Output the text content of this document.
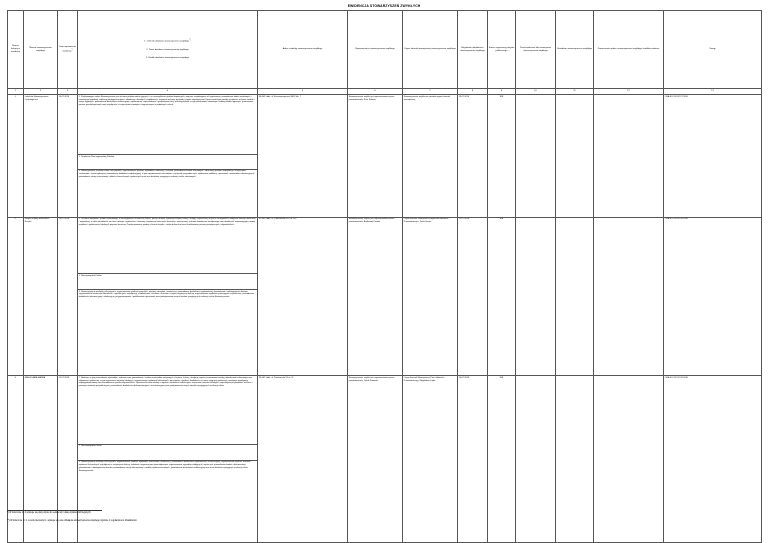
EWIDENCJA STOWARZYSZEŃ ZWYKŁYCH
Numer kolejny w ewidencji	Nazwa stowarzyszenia zwykłego	Data wpisania do ewidencji*)	1. Cel/cele działania stowarzyszenia zwykłego**)

2. Teren działania stowarzyszenia zwykłego

3. Środki działania stowarzyszenia zwykłego	Adres siedziby stowarzyszenia zwykłego	Reprezentacja stowarzyszenia zwykłego	Organ kontroli wewnętrznej stowarzyszenia zwykłego	Regulamin działalności stowarzyszenia zwykłego	Status organizacji pożytku publicznego	Przekształcenie lub rozwiązanie stowarzyszenia zwykłego	Likwidator stowarzyszenia zwykłego	Zawieszenie wobec stowarzyszenia zwykłego środków nadzoru	Uwagi
1	2	3	4	5	6	7	8	9	10	11	12	13
1.	Lubelskie Stowarzyszenie Ornitologiczne	14.07.2016	1. Podstawowym celem Stowarzyszenia jest ochrona ptaków wolno żyjących, a w szczególności ptaków drapieżnych, poprzez: zapobieganie ich wymieraniu, prowadzenie badań naukowych i monitoringu populacji, edukację ekologiczną dzieci, młodzieży i dorosłych, współpracę z organami ochrony przyrody i innymi organizacjami. Upowszechnianie wiedzy o ptakach, ochrona siedlisk i miejsc lęgowych, prowadzenie działalności edukacyjnej i wydawniczej, organizowanie i prowadzenie akcji ochrony ptaków, w tym dokarmiania zimowego i budowy budek lęgowych, promowanie postaw proekologicznych oraz współpraca z instytucjami krajowymi i zagranicznymi o podobnych celach.
2. Terytorium Rzeczypospolitej Polskiej.
3. Stowarzyszenie realizuje swoje cele poprzez: organizowanie spotkań, wykładów, konferencji i szkoleń, prowadzenie badań terenowych i obserwacji ptaków, współpracę z instytucjami naukowymi i samorządowymi, prowadzenie działalności edukacyjnej, w tym organizowanie warsztatów i wycieczek przyrodniczych, wydawanie publikacji, opracowań i materiałów informacyjnych, prowadzenie strony internetowej, udział w konsultacjach społecznych oraz inne działania sprzyjające realizacji celów statutowych.	94-402 Łódź, ul. Kosmonautyczna 30/32 lok. 7	Stowarzyszenie zwykłe jest reprezentowane przez przedstawiciela: Piotr Sobierz	Stowarzyszenie zwykłe nie posiada organu kontroli wewnętrznej	13.07.2016	NIE				OSA-SO.VII.512.27.2016
2.	Instytut Kultury Mazurskich Książki	19.07.2016	1. Ochrona zabytków i spadku kulturowego, w szczególności w zakresie książki, prasy i druków, upowszechnianie kultury i tradycji czytelniczej, w tym w szczególności zabytków kultury mazurskiej i regionalnej, a także działalność na rzecz rozwoju czytelnictwa i literatury, wspieranie twórczości literackiej i artystycznej, ochrona dziedzictwa narodowego oraz działalność wspomagająca rozwój wspólnot i społeczności lokalnych poprzez literaturę. Popularyzowanie wiedzy o historii książki i sztuki drukarskiej oraz kształtowanie postaw patriotycznych i obywatelskich.
2. Rzeczpospolita Polska
3. Stowarzyszenie realizuje cele poprzez: organizowanie spotkań autorskich, wystaw, odczytów i konferencji, prowadzenie działalności wydawniczej, gromadzenie i udostępnianie zbiorów, organizowanie konkursów literackich i czytelniczych, współpracę z bibliotekami, szkołami, muzeami i innymi instytucjami kultury, organizowanie wydarzeń promujących czytelnictwo, prowadzenie działalności informacyjnej i edukacyjnej, przygotowywanie i publikowanie opracowań oraz podejmowanie innych działań sprzyjających realizacji celów Stowarzyszenia.	91-462 Łódź, ul. Piotrkowska 8/12 m. 110	Stowarzyszenie zwykłe jest reprezentowane przez przedstawiciela: Bartłomiej Pawlak	Organ Kontroli Wewnętrznej: Agnieszka Antoniak – Przewodnicząca, Daria Seniec	12.07.2016	NIE				OSA-SO.VII.512.28.2016
3.	KANGOJANA MASRA	21.07.2016	1. Badanie, w tym prowadzenie wywiadów i zebranie oraz gromadzenie i analiza materiałów związanych z historią, kulturą i tradycją regionu, promowanie wiedzy, dziedzictwa kulturowego oraz aktywności społecznej, w tym wspieranie inicjatyw lokalnych, organizowanie wydarzeń kulturalnych, warsztatów i spotkań, działalność na rzecz integracji społecznej, rozwijanie współpracy międzypokoleniowej oraz kształtowanie postaw obywatelskich. Upowszechnianie wiedzy o regionie, działalność edukacyjna, wspieranie twórców lokalnych i popularyzacja rękodzieła, ochrona i promocja walorów przyrodniczych, prowadzenie działalności dokumentacyjnej i archiwizacyjnej oraz podejmowanie innych działań sprzyjających realizacji celów.
2. Rzeczpospolita Polska
3. Stowarzyszenie realizuje cele poprzez: organizowanie spotkań, wykładów, warsztatów i konferencji, prowadzenie działalności wydawniczej i informacyjnej, organizowanie wystaw, festiwali i wydarzeń kulturalnych, współpracę z instytucjami kultury, szkołami i organizacjami pozarządowymi, organizowanie wyjazdów studyjnych i wycieczek, prowadzenie badań i dokumentacji, gromadzenie i udostępnianie zbiorów, prowadzenie strony internetowej i mediów społecznościowych, prowadzenie działalności edukacyjnej oraz inne działania sprzyjające realizacji celów Stowarzyszenia.	93-407 Łódź, ul. Piotrkowska 55 m. 11	Stowarzyszenie zwykłe jest reprezentowane przez przedstawiciela: Jakub Kotowski	Organ Kontroli Wewnętrznej: Piotr Jabłoński – Przewodniczący, Magdalena Lipka	14.07.2016	NIE				OSA-SO.VII.512.29.2016
*) W kolumnie nr 4 wpisuje się daty wpisu do ewidencji i datę wpisów późniejszych.
**) W kolumnie nr 4, w polu pierwszym, wpisuje się cele działania stowarzyszenia zwykłego zgodnie z regulaminem działalności.
